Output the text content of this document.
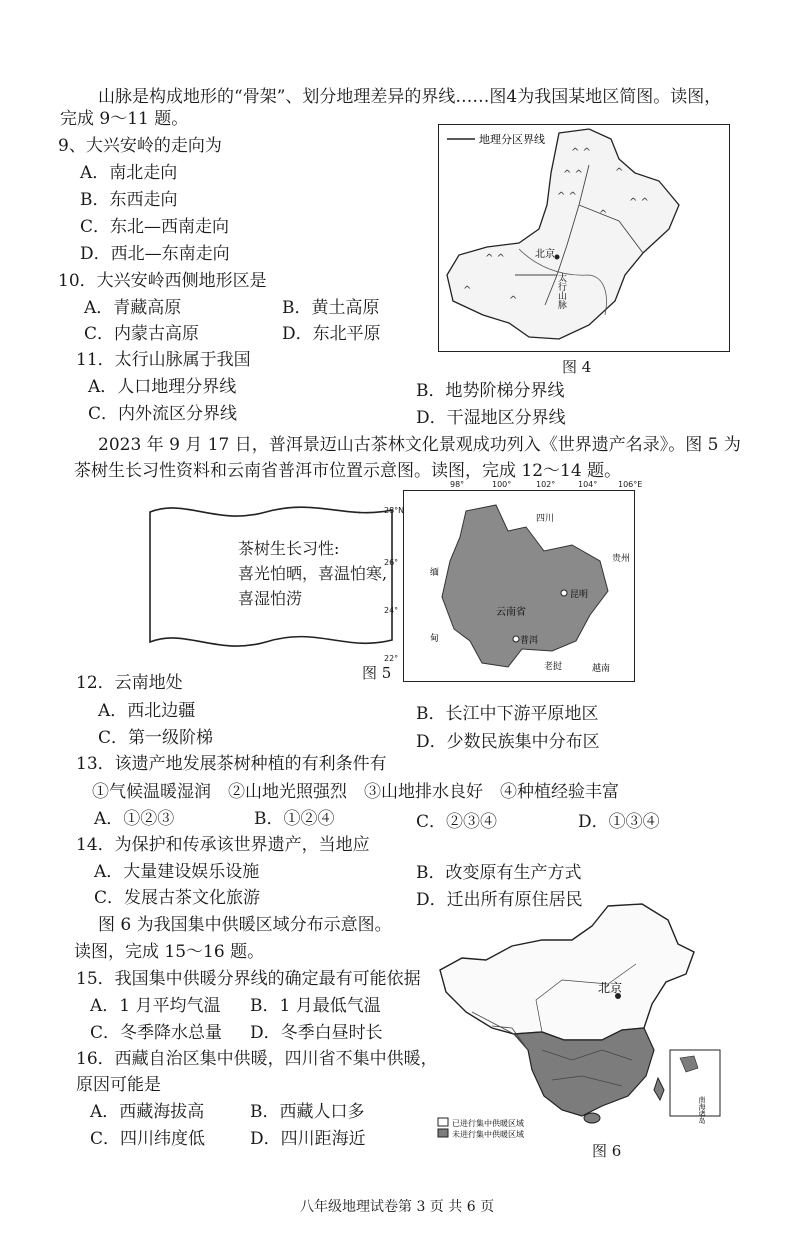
山脉是构成地形的“骨架”、划分地理差异的界线……图4为我国某地区简图。读图，
完成 9～11 题。
9、大兴安岭的走向为
A．南北走向
B．东西走向
C．东北—西南走向
D．西北—东南走向
10．大兴安岭西侧地形区是
A．青藏高原	B．黄土高原
C．内蒙古高原	D．东北平原
11．太行山脉属于我国
A．人口地理分界线	B．地势阶梯分界线
C．内外流区分界线	D．干湿地区分界线
地理分区界线
^ ^
^ ^
^ ^
^
^ ^
^
^ ^
^
^
北京
太行山脉
图 4
2023 年 9 月 17 日，普洱景迈山古茶林文化景观成功列入《世界遗产名录》。图 5 为
茶树生长习性资料和云南省普洱市位置示意图。读图，完成 12～14 题。
茶树生长习性:
喜光怕晒，喜温怕寒,
喜湿怕涝
四川
贵州
云南省
昆明
普洱
缅
甸
老挝	越南
98°	100°	102°	104°	106°E
28°N
26°
24°
22°
图 5
12．云南地处
A．西北边疆	B．长江中下游平原地区
C．第一级阶梯	D．少数民族集中分布区
13．该遗产地发展茶树种植的有利条件有
①气候温暖湿润　②山地光照强烈　③山地排水良好　④种植经验丰富
A．①②③	B．①②④	C．②③④	D．①③④
14．为保护和传承该世界遗产，当地应
A．大量建设娱乐设施	B．改变原有生产方式
C．发展古茶文化旅游	D．迁出所有原住居民
图 6 为我国集中供暖区域分布示意图。
读图，完成 15～16 题。
15．我国集中供暖分界线的确定最有可能依据
A．1 月平均气温 B．1 月最低气温
C．冬季降水总量 D．冬季白昼时长
16．西藏自治区集中供暖，四川省不集中供暖，
原因可能是
A．西藏海拔高	B．西藏人口多
C．四川纬度低	D．四川距海近
北京
南海诸岛
已进行集中供暖区域
未进行集中供暖区域
图 6
八年级地理试卷第 3 页 共 6 页
